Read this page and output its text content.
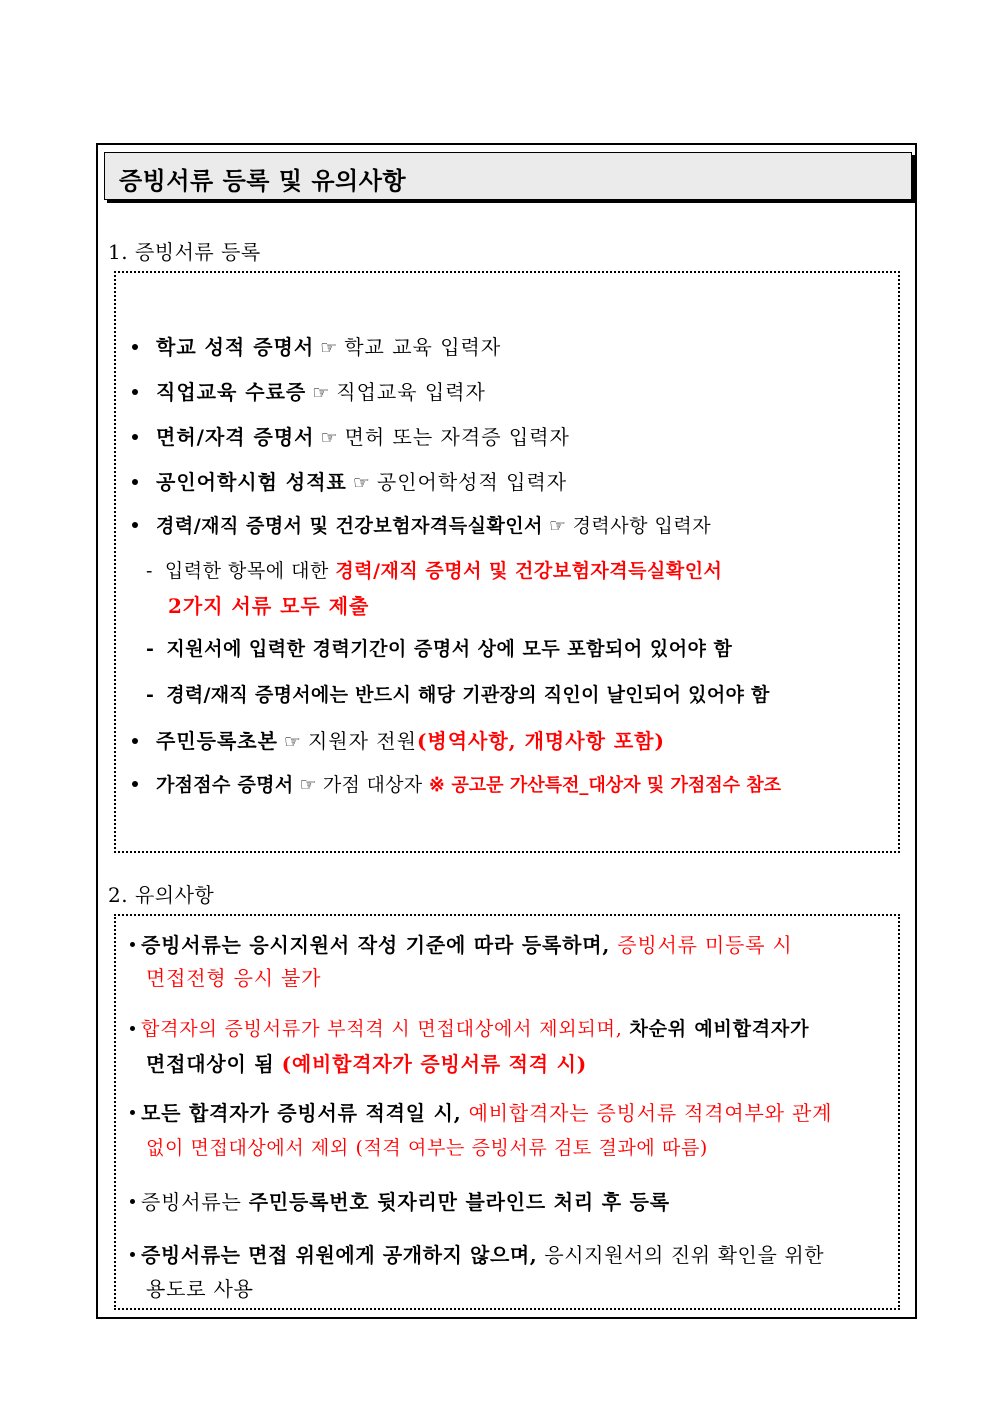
증빙서류 등록 및 유의사항
1. 증빙서류 등록
학교 성적 증명서 ☞ 학교 교육 입력자
직업교육 수료증 ☞ 직업교육 입력자
면허/자격 증명서 ☞ 면허 또는 자격증 입력자
공인어학시험 성적표 ☞ 공인어학성적 입력자
경력/재직 증명서 및 건강보험자격득실확인서 ☞ 경력사항 입력자
- 입력한 항목에 대한 경력/재직 증명서 및 건강보험자격득실확인서
2가지 서류 모두 제출
- 지원서에 입력한 경력기간이 증명서 상에 모두 포함되어 있어야 함
- 경력/재직 증명서에는 반드시 해당 기관장의 직인이 날인되어 있어야 함
주민등록초본 ☞ 지원자 전원(병역사항, 개명사항 포함)
가점점수 증명서 ☞ 가점 대상자 ※ 공고문 가산특전_대상자 및 가점점수 참조
2. 유의사항
증빙서류는 응시지원서 작성 기준에 따라 등록하며, 증빙서류 미등록 시
면접전형 응시 불가
합격자의 증빙서류가 부적격 시 면접대상에서 제외되며, 차순위 예비합격자가
면접대상이 됨 (예비합격자가 증빙서류 적격 시)
모든 합격자가 증빙서류 적격일 시, 예비합격자는 증빙서류 적격여부와 관계
없이 면접대상에서 제외 (적격 여부는 증빙서류 검토 결과에 따름)
증빙서류는 주민등록번호 뒷자리만 블라인드 처리 후 등록
증빙서류는 면접 위원에게 공개하지 않으며, 응시지원서의 진위 확인을 위한
용도로 사용
